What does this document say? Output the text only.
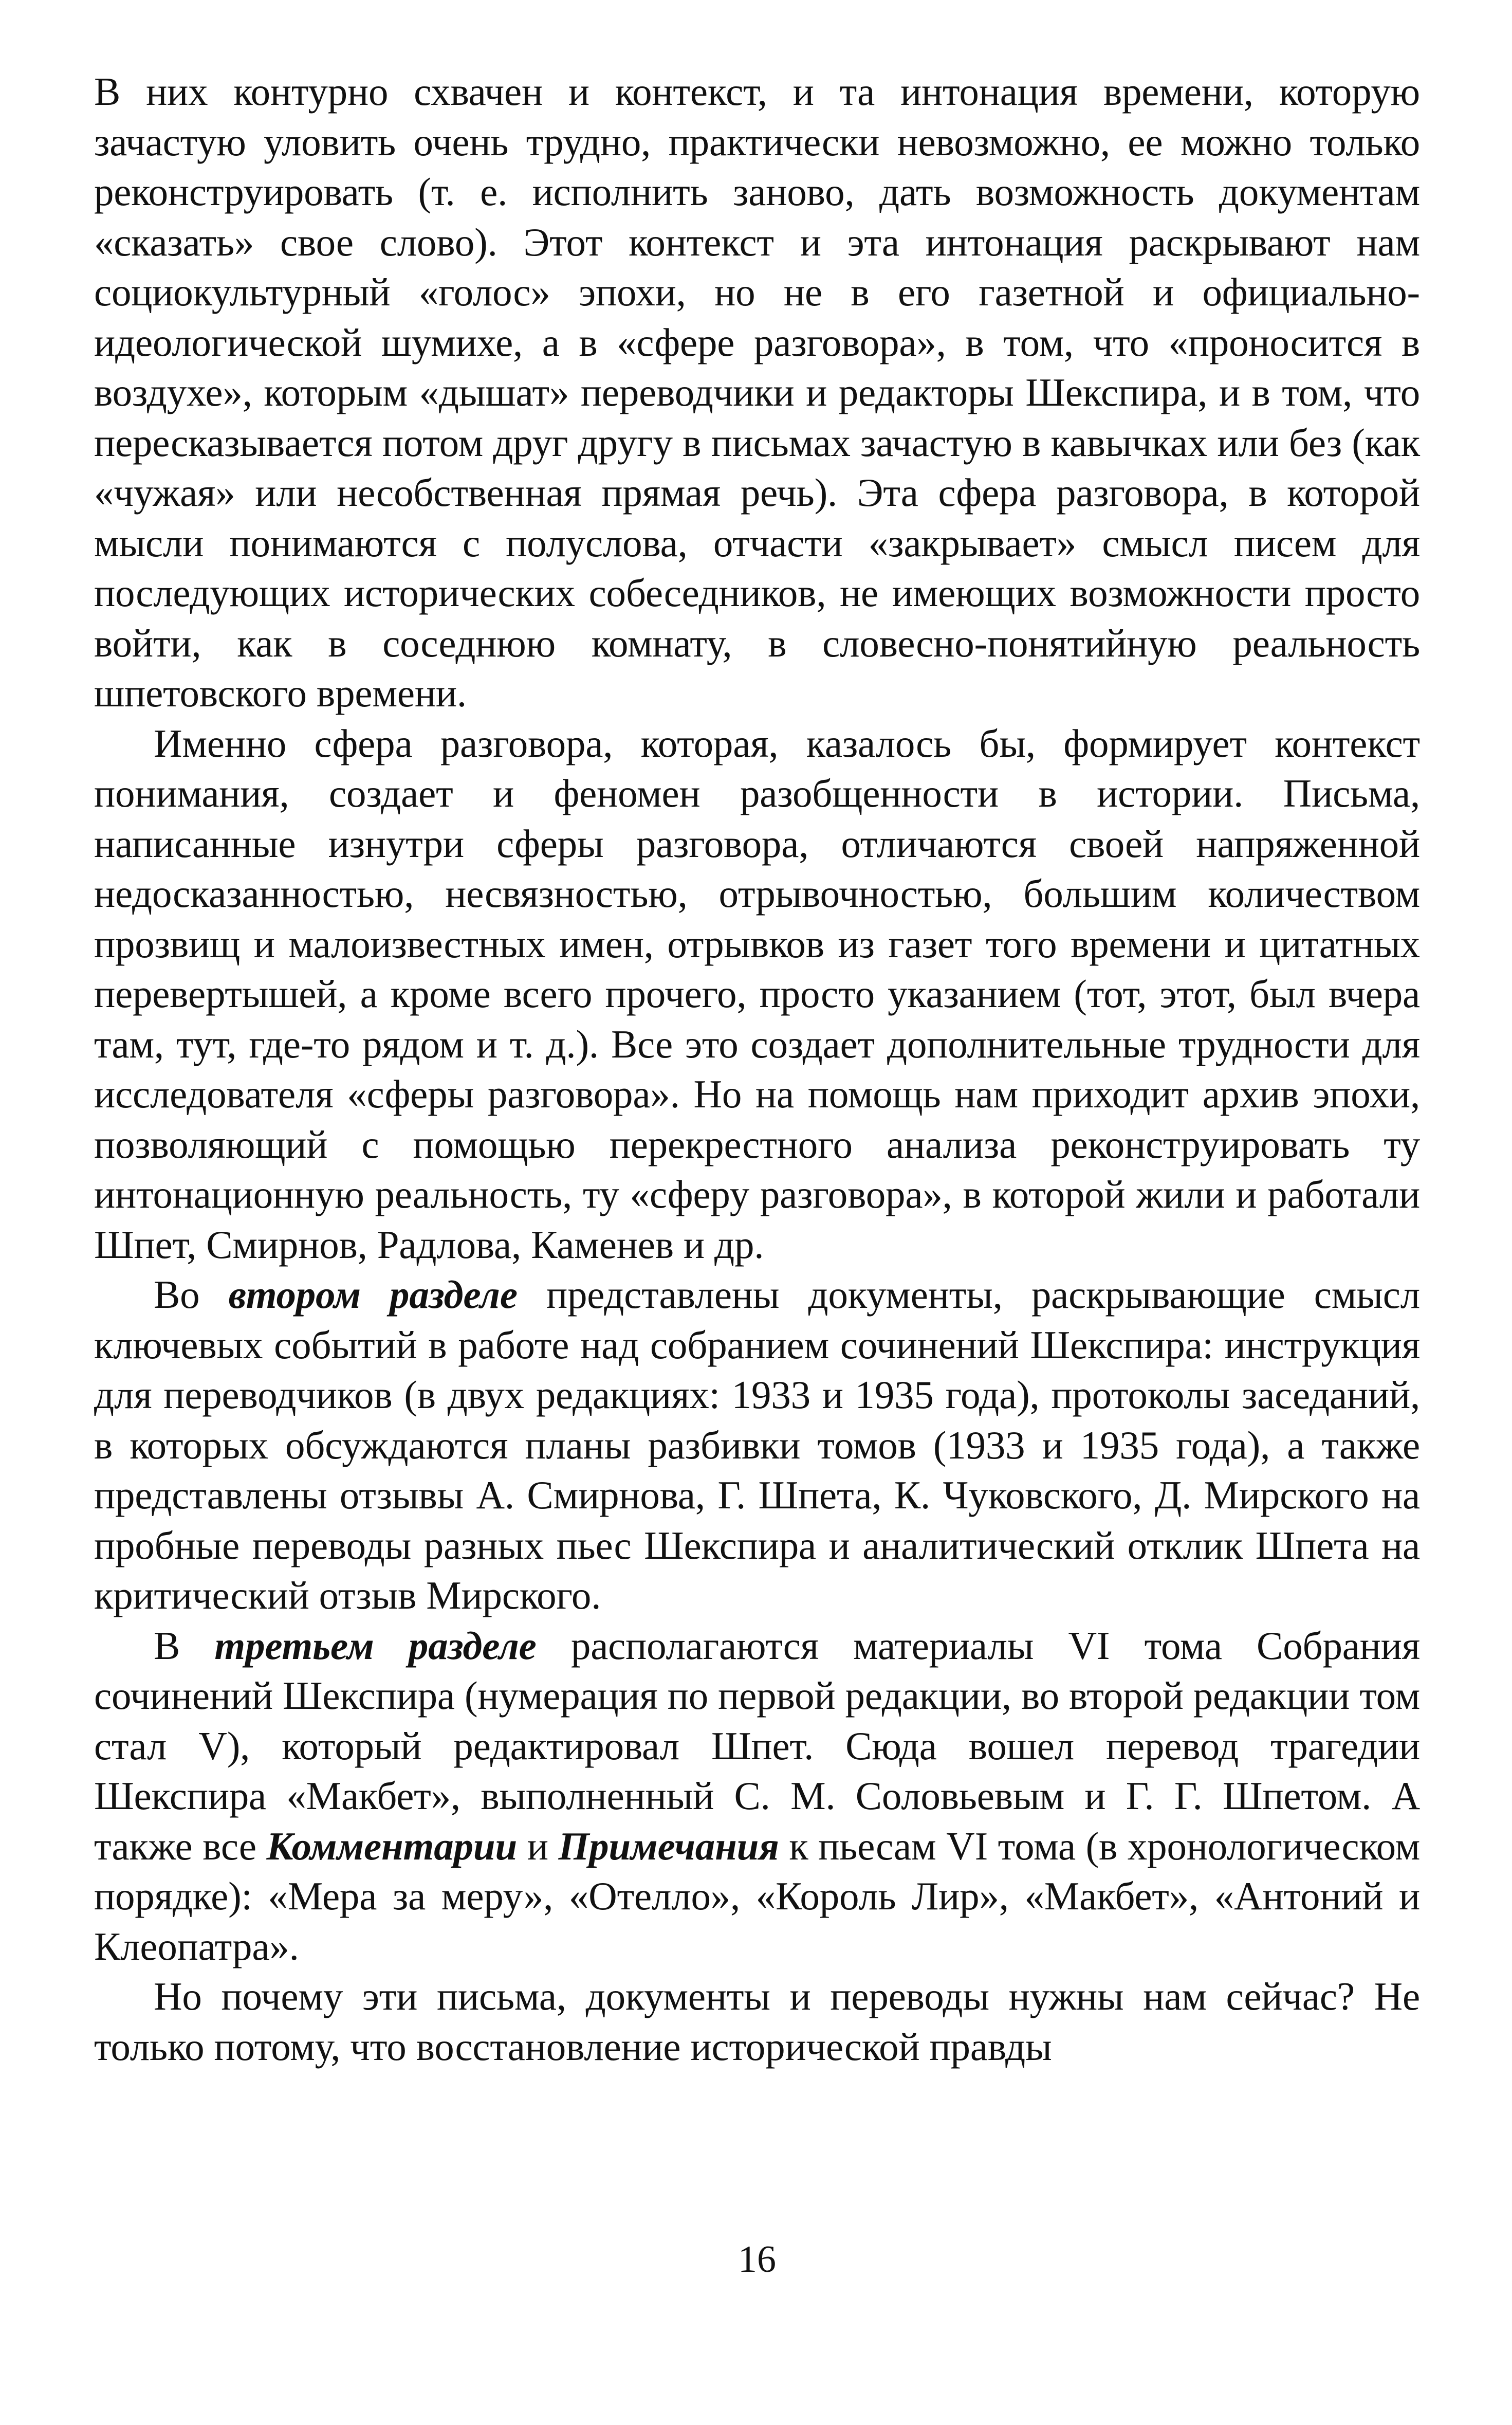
В них контурно схвачен и контекст, и та интонация времени, которую зачастую уловить очень трудно, практически невозможно, ее можно только реконструировать (т. е. исполнить заново, дать возможность документам «сказать» свое слово). Этот контекст и эта интонация раскрывают нам социокультурный «голос» эпохи, но не в его газетной и официально-идеологической шумихе, а в «сфере разговора», в том, что «проносится в воздухе», которым «дышат» переводчики и редакторы Шекспира, и в том, что пересказывается потом друг другу в письмах зачастую в кавычках или без (как «чужая» или несобственная прямая речь). Эта сфера разговора, в которой мысли понимаются с полуслова, отчасти «закрывает» смысл писем для последующих исторических собеседников, не имеющих возможности просто войти, как в соседнюю комнату, в словесно-понятийную реальность шпетовского времени.

Именно сфера разговора, которая, казалось бы, формирует контекст понимания, создает и феномен разобщенности в истории. Письма, написанные изнутри сферы разговора, отличаются своей напряженной недосказанностью, несвязностью, отрывочностью, большим количеством прозвищ и малоизвестных имен, отрывков из газет того времени и цитатных перевертышей, а кроме всего прочего, просто указанием (тот, этот, был вчера там, тут, где-то рядом и т. д.). Все это создает дополнительные трудности для исследователя «сферы разговора». Но на помощь нам приходит архив эпохи, позволяющий с помощью перекрестного анализа реконструировать ту интонационную реальность, ту «сферу разговора», в которой жили и работали Шпет, Смирнов, Радлова, Каменев и др.

Во втором разделе представлены документы, раскрывающие смысл ключевых событий в работе над собранием сочинений Шекспира: инструкция для переводчиков (в двух редакциях: 1933 и 1935 года), протоколы заседаний, в которых обсуждаются планы разбивки томов (1933 и 1935 года), а также представлены отзывы А. Смирнова, Г. Шпета, К. Чуковского, Д. Мирского на пробные переводы разных пьес Шекспира и аналитический отклик Шпета на критический отзыв Мирского.

В третьем разделе располагаются материалы VI тома Собрания сочинений Шекспира (нумерация по первой редакции, во второй редакции том стал V), который редактировал Шпет. Сюда вошел перевод трагедии Шекспира «Макбет», выполненный С. М. Соловьевым и Г. Г. Шпетом. А также все Комментарии и Примечания к пьесам VI тома (в хронологическом порядке): «Мера за меру», «Отелло», «Король Лир», «Макбет», «Антоний и Клеопатра».

Но почему эти письма, документы и переводы нужны нам сейчас? Не только потому, что восстановление исторической правды

16
